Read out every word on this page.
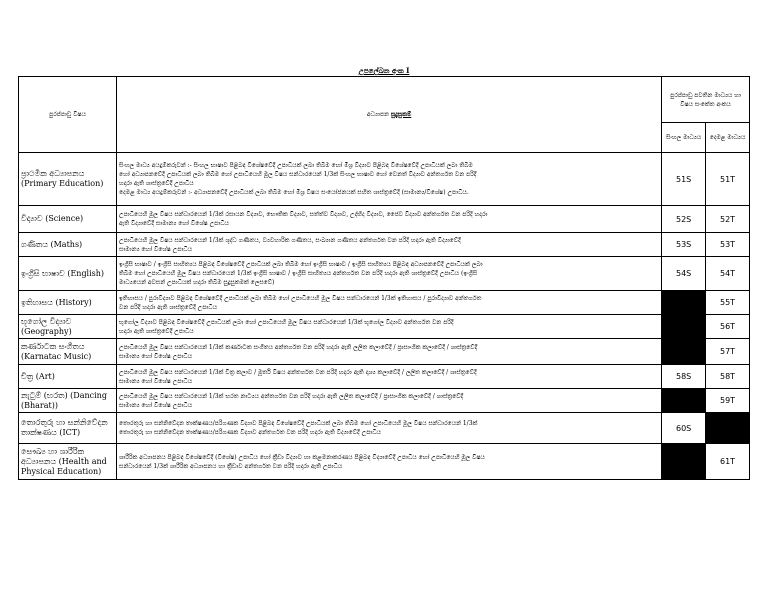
උපලේඛන අංක I
පුරප්පාඩු විෂය	අධ්‍යාපන සුදුසුකම්	පුරප්පාඩු පවතින මාධ්‍යය හා විෂය සංකේත අංකය	
		සිංහල මාධ්‍යය	දෙමළ මාධ්‍යය
ප්‍රාථමික අධ්‍යාපනය (Primary Education)	සිංහල මාධ්‍ය අයදුම්කරුවන් :- සිංහල භාෂාව පිළිබඳ විශේෂවේදී උපාධියක් ලබා තිබීම හෝ මිශ්‍ර විද්‍යාව පිළිබඳ විශේෂවේදී උපාධියක් ලබා තිබීම
හෝ අධ්‍යාපනවේදී උපාධියක් ලබා තිබීම හෝ උපාධියෙහි මූල විෂය සන්ධාරයෙන් 1/3ක් සිංහල භාෂාව හෝ වෙනත් විද්‍යාව අන්තර්ගත වන පරිදි
හදාරා ඇති ශාස්ත්‍රවේදී උපාධිය
දෙමළ මාධ්‍ය අයදුම්කරුවන් :- අධ්‍යාපනවේදී උපාධියක් ලබා තිබීම හෝ මිශ්‍ර විෂය සංයෝජනයක් සහිත ශාස්ත්‍රවේදී (සාමාන්‍ය/විශේෂ) උපාධිය.	51S	51T
විද්‍යාව (Science)	උපාධියෙහි මූල විෂය සන්ධාරයෙන් 1/3ක් රසායන විද්‍යාව, භෞතික විද්‍යාව, සත්ත්ව විද්‍යාව, උද්භිද විද්‍යාව, ජෛව විද්‍යාව අන්තර්ගත වන පරිදි හදාරා
ඇති විද්‍යාවේදී සාමාන්‍ය හෝ විශේෂ උපාධිය	52S	52T
ගණිතය (Maths)	උපාධියෙහි මූල විෂය සන්ධාරයෙන් 1/3ක් ශුද්ධ ගණිතය, ව්‍යවහාරික ගණිතය, සංඛ්‍යාන ගණිතය අන්තර්ගත වන පරිදි හදාරා ඇති විද්‍යාවේදී
සාමාන්‍ය හෝ විශේෂ උපාධිය	53S	53T
ඉංග්‍රීසි භාෂාව (English)	ඉංග්‍රීසි භාෂාව / ඉංග්‍රීසි සාහිත්‍යය පිළිබඳ විශේෂවේදී උපාධියක් ලබා තිබීම හෝ ඉංග්‍රීසි භාෂාව / ඉංග්‍රීසි සාහිත්‍යය පිළිබඳ අධ්‍යාපනවේදී උපාධියක් ලබා
තිබීම හෝ උපාධියෙහි මූල විෂය සන්ධාරයෙන් 1/3ක් ඉංග්‍රීසි භාෂාව / ඉංග්‍රීසි සාහිත්‍යය අන්තර්ගත වන පරිදි හදාරා ඇති ශාස්ත්‍රවේදී උපාධිය (ඉංග්‍රීසි
මාධ්‍යයෙන් අවසන් උපාධියක් හදාරා තිබීම සුදුසුකමක් ලෙසවේ)	54S	54T
ඉතිහාසය (History)	ඉතිහාසය / පුරාවිද්‍යාව පිළිබඳ විශේෂවේදී උපාධියක් ලබා තිබීම හෝ උපාධියෙහි මූල විෂය සන්ධාරයෙන් 1/3ක් ඉතිහාසය / පුරාවිද්‍යාව අන්තර්ගත
වන පරිදි හදාරා ඇති ශාස්ත්‍රවේදී උපාධිය		55T
භූගෝල විද්‍යාව (Geography)	භූගෝල විද්‍යාව පිළිබඳ විශේෂවේදී උපාධියක් ලබා හෝ උපාධියෙහි මූල විෂය සන්ධාරයෙන් 1/3ක් භූගෝල විද්‍යාව අන්තර්ගත වන පරිදි
හදාරා ඇති ශාස්ත්‍රවේදී උපාධිය		56T
කර්ණාටක සංගීතය (Karnatac Music)	උපාධියෙහි මූල විෂය සන්ධාරයෙන් 1/3ක් කර්ණාටක සංගීතය අන්තර්ගත වන පරිදි හදාරා ඇති ලලිත කලාවේදී / ප්‍රාසාංගික කලාවේදී / ශාස්ත්‍රවේදී
සාමාන්‍ය හෝ විශේෂ උපාධිය		57T
චිත්‍ර (Art)	උපාධියෙහි මූල විෂය සන්ධාරයෙන් 1/3ක් චිත්‍ර කලාව / මූර්ති විෂය අන්තර්ගත වන පරිදි හදාරා ඇති දෘශ්‍ය කලාවේදී / ලලිත කලාවේදී / ශාස්ත්‍රවේදී
සාමාන්‍ය හෝ විශේෂ උපාධිය	58S	58T
නැටුම් (භරත) (Dancing (Bharat))	උපාධියෙහි මූල විෂය සන්ධාරයෙන් 1/3ක් භරත නාට්‍යය අන්තර්ගත වන පරිදි හදාරා ඇති ලලිත කලාවේදී / ප්‍රාසාංගික කලාවේදී / ශාස්ත්‍රවේදී
සාමාන්‍ය හෝ විශේෂ උපාධිය		59T
තොරතුරු හා සන්නිවේදන තාක්ෂණය (ICT)	තොරතුරු හා සන්නිවේදන තාක්ෂණය/පරිගණක විද්‍යාව පිළිබඳ විශේෂවේදී උපාධියක් ලබා තිබීම හෝ උපාධියෙහි මූල විෂය සන්ධාරයෙන් 1/3ක්
තොරතුරු හා සන්නිවේදන තාක්ෂණය/පරිගණක විද්‍යාව අන්තර්ගත වන පරිදි හදාරා ඇති විද්‍යාවේදී උපාධිය	60S	
සෞඛ්‍ය හා ශාරීරික අධ්‍යාපනය (Health and Physical Education)	ශාරීරික අධ්‍යාපනය පිළිබඳ විශේෂවේදී (විශේෂ) උපාධිය හෝ ක්‍රීඩා විද්‍යාව හා කළමනාකරණය පිළිබඳ විද්‍යාවේදී උපාධිය හෝ උපාධියෙහි මූල විෂය
සන්ධාරයෙන් 1/3ක් ශාරීරික අධ්‍යාපනය හා ක්‍රීඩාව අන්තර්ගත වන පරිදි හදාරා ඇති උපාධිය		61T
